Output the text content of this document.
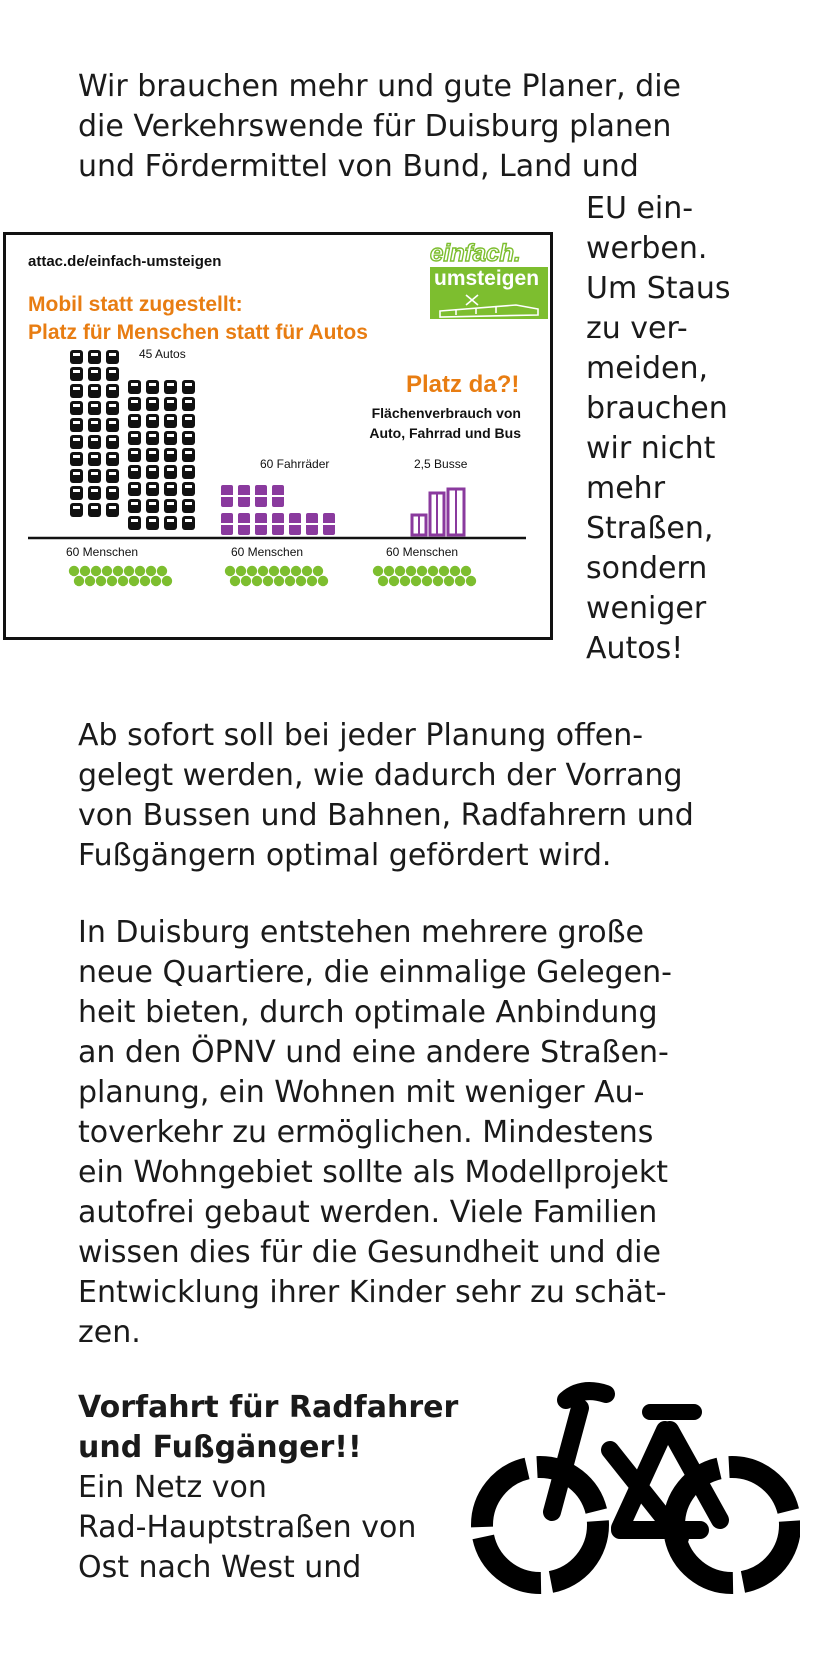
Wir brauchen mehr und gute Planer, die
die Verkehrswende für Duisburg planen
und Fördermittel von Bund, Land und
EU ein-
werben.
Um Staus
zu ver-
meiden,
brauchen
wir nicht
mehr
Straßen,
sondern
weniger
Autos!
attac.de/einfach-umsteigen
Mobil statt zugestellt:
Platz für Menschen statt für Autos
einfach.
umsteigen
Platz da?!
Flächenverbrauch von
Auto, Fahrrad und Bus
45 Autos
60 Fahrräder	2,5 Busse
60 Menschen	60 Menschen	60 Menschen
Ab sofort soll bei jeder Planung offen-
gelegt werden, wie dadurch der Vorrang
von Bussen und Bahnen, Radfahrern und
Fußgängern optimal gefördert wird.
In Duisburg entstehen mehrere große
neue Quartiere, die einmalige Gelegen-
heit bieten, durch optimale Anbindung
an den ÖPNV und eine andere Straßen-
planung, ein Wohnen mit weniger Au-
toverkehr zu ermöglichen. Mindestens
ein Wohngebiet sollte als Modellprojekt
autofrei gebaut werden. Viele Familien
wissen dies für die Gesundheit und die
Entwicklung ihrer Kinder sehr zu schät-
zen.
Vorfahrt für Radfahrer
und Fußgänger!!
Ein Netz von
Rad-Hauptstraßen von
Ost nach West und
